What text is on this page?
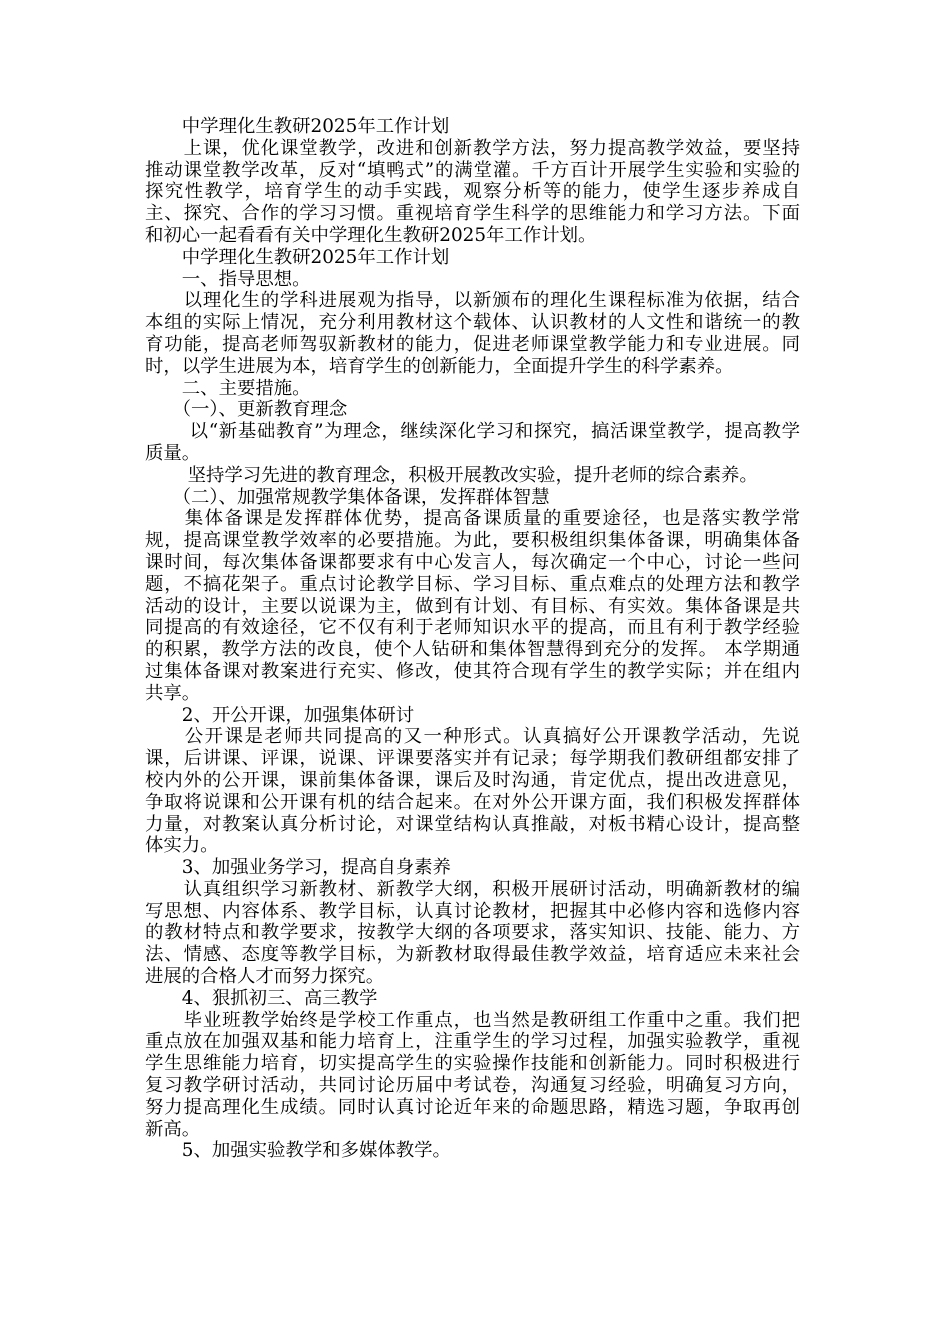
　　中学理化生教研2025年工作计划
　　上课，优化课堂教学，改进和创新教学方法，努力提高教学效益，要坚持
推动课堂教学改革，反对“填鸭式”的满堂灌。千方百计开展学生实验和实验的
探究性教学，培育学生的动手实践，观察分析等的能力，使学生逐步养成自
主、探究、合作的学习习惯。重视培育学生科学的思维能力和学习方法。下面
和初心一起看看有关中学理化生教研2025年工作计划。
　　中学理化生教研2025年工作计划
　　一、指导思想。
　　以理化生的学科进展观为指导，以新颁布的理化生课程标准为依据，结合
本组的实际上情况，充分利用教材这个载体、认识教材的人文性和谐统一的教
育功能，提高老师驾驭新教材的能力，促进老师课堂教学能力和专业进展。同
时，以学生进展为本，培育学生的创新能力，全面提升学生的科学素养。
　　二、主要措施。
　　（一）、更新教育理念
　　 以“新基础教育”为理念，继续深化学习和探究，搞活课堂教学，提高教学
质量。
　　 坚持学习先进的教育理念，积极开展教改实验，提升老师的综合素养。
　　（二）、加强常规教学集体备课，发挥群体智慧
　　集体备课是发挥群体优势，提高备课质量的重要途径，也是落实教学常
规，提高课堂教学效率的必要措施。为此，要积极组织集体备课，明确集体备
课时间，每次集体备课都要求有中心发言人，每次确定一个中心，讨论一些问
题，不搞花架子。重点讨论教学目标、学习目标、重点难点的处理方法和教学
活动的设计，主要以说课为主，做到有计划、有目标、有实效。集体备课是共
同提高的有效途径，它不仅有利于老师知识水平的提高，而且有利于教学经验
的积累，教学方法的改良，使个人钻研和集体智慧得到充分的发挥。 本学期通
过集体备课对教案进行充实、修改，使其符合现有学生的教学实际；并在组内
共享。
　　2、开公开课，加强集体研讨
　　公开课是老师共同提高的又一种形式。认真搞好公开课教学活动，先说
课，后讲课、评课，说课、评课要落实并有记录；每学期我们教研组都安排了
校内外的公开课，课前集体备课，课后及时沟通，肯定优点，提出改进意见，
争取将说课和公开课有机的结合起来。在对外公开课方面，我们积极发挥群体
力量，对教案认真分析讨论，对课堂结构认真推敲，对板书精心设计，提高整
体实力。
　　3、加强业务学习，提高自身素养
　　认真组织学习新教材、新教学大纲，积极开展研讨活动，明确新教材的编
写思想、内容体系、教学目标，认真讨论教材，把握其中必修内容和选修内容
的教材特点和教学要求，按教学大纲的各项要求，落实知识、技能、能力、方
法、情感、态度等教学目标，为新教材取得最佳教学效益，培育适应未来社会
进展的合格人才而努力探究。
　　4、狠抓初三、高三教学
　　毕业班教学始终是学校工作重点，也当然是教研组工作重中之重。我们把
重点放在加强双基和能力培育上，注重学生的学习过程，加强实验教学，重视
学生思维能力培育，切实提高学生的实验操作技能和创新能力。同时积极进行
复习教学研讨活动，共同讨论历届中考试卷，沟通复习经验，明确复习方向，
努力提高理化生成绩。同时认真讨论近年来的命题思路，精选习题，争取再创
新高。
　　5、加强实验教学和多媒体教学。
